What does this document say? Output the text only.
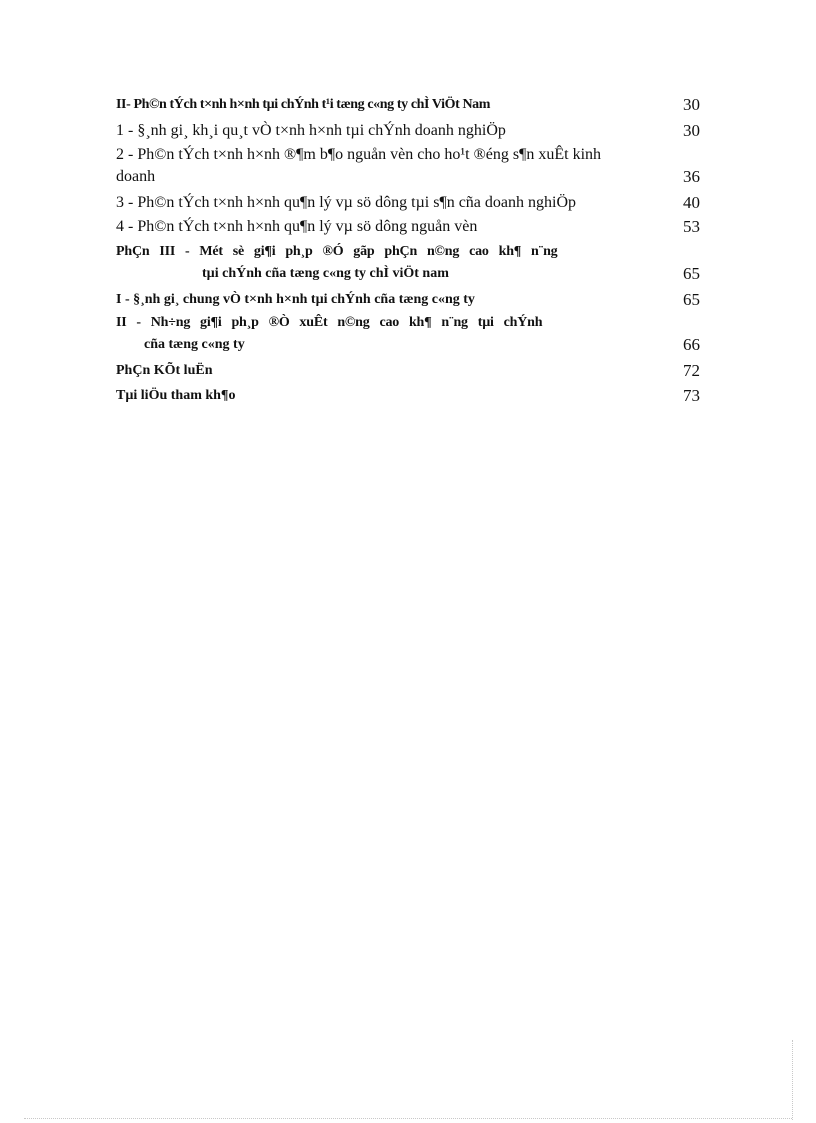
II- Ph©n tÝch t×nh h×nh tµi chÝnh t¹i tæng c«ng ty chÌ ViÖt Nam	30
1 - §¸nh gi¸ kh¸i qu¸t vÒ t×nh h×nh tµi chÝnh doanh nghiÖp	30
2 - Ph©n tÝch t×nh h×nh ®¶m b¶o nguån vèn cho ho¹t ®éng s¶n xuÊt kinh
doanh	36
3 - Ph©n tÝch t×nh h×nh qu¶n lý vµ sö dông tµi s¶n cña doanh nghiÖp	40
4 - Ph©n tÝch t×nh h×nh qu¶n lý vµ sö dông nguån vèn	53
PhÇn   III   -   Mét   sè   gi¶i   ph¸p   ®Ó   gãp   phÇn   n©ng   cao   kh¶   n¨ng
tµi chÝnh cña tæng c«ng ty chÌ viÖt nam	65
I - §¸nh gi¸ chung vÒ t×nh h×nh tµi chÝnh cña tæng c«ng ty	65
II   -   Nh÷ng   gi¶i   ph¸p   ®Ò   xuÊt   n©ng   cao   kh¶   n¨ng   tµi   chÝnh
cña tæng c«ng ty	66
PhÇn KÕt luËn	72
Tµi liÖu tham kh¶o	73
